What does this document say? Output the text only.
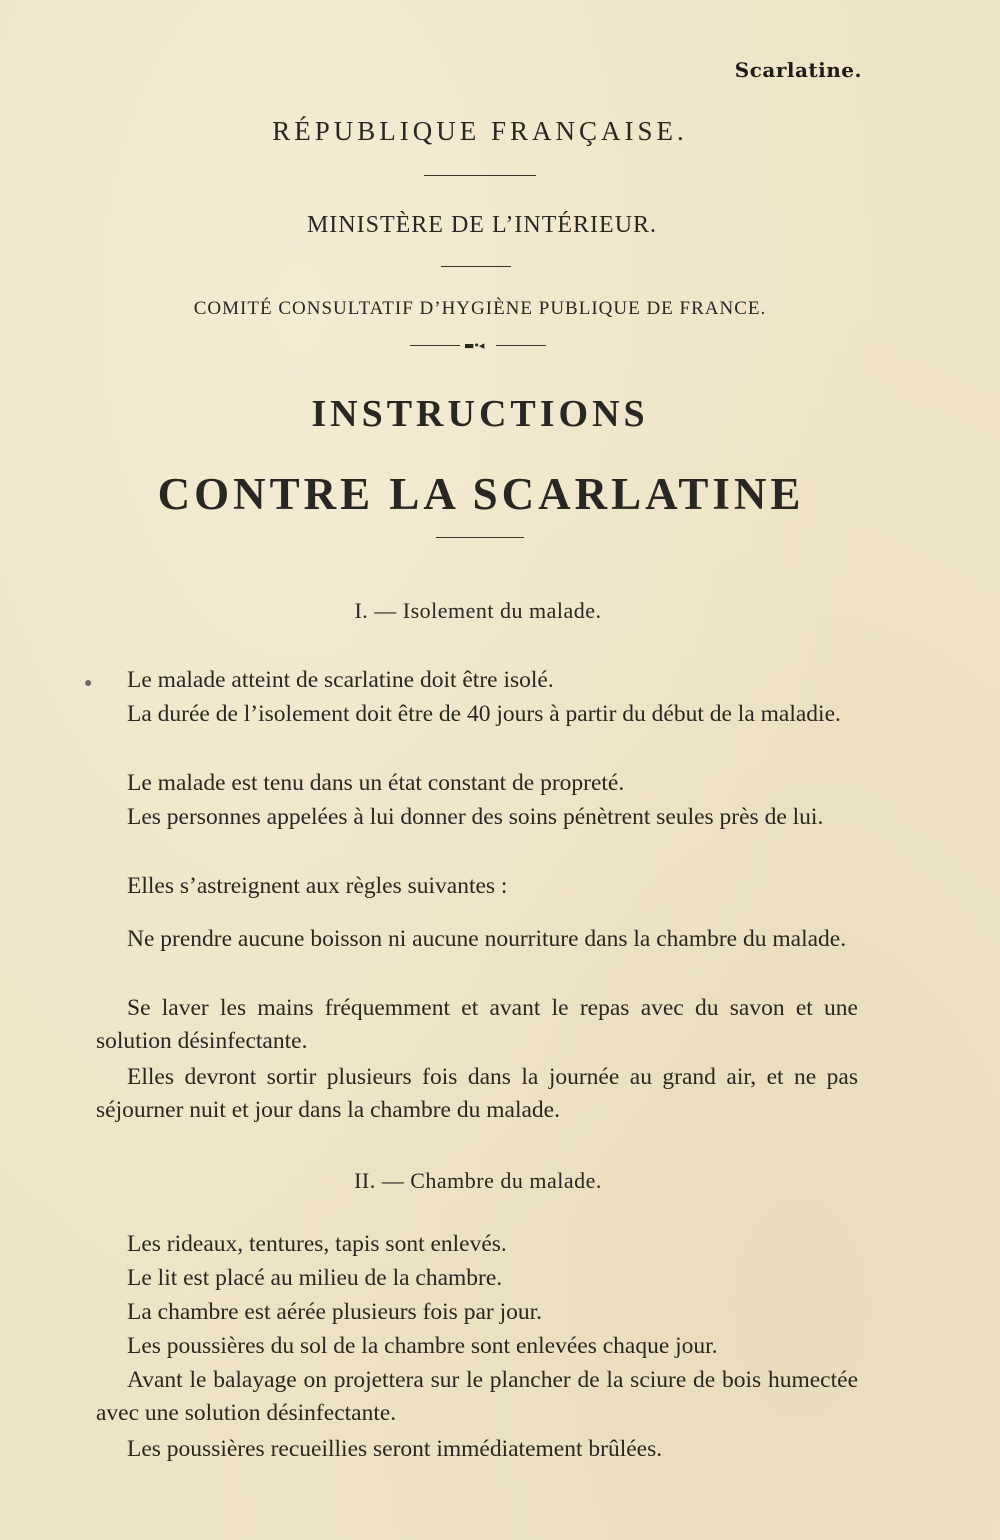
Scarlatine.
RÉPUBLIQUE FRANÇAISE.
MINISTÈRE DE L’INTÉRIEUR.
COMITÉ CONSULTATIF D’HYGIÈNE PUBLIQUE DE FRANCE.
▬•◂
INSTRUCTIONS
CONTRE LA SCARLATINE
I. — Isolement du malade.
●	Le malade atteint de scarlatine doit être isolé.

La durée de l’isolement doit être de 40 jours à partir du début de la maladie.

Le malade est tenu dans un état constant de propreté.

Les personnes appelées à lui donner des soins pénètrent seules près de lui.

Elles s’astreignent aux règles suivantes :

Ne prendre aucune boisson ni aucune nourriture dans la chambre du malade.

Se laver les mains fréquemment et avant le repas avec du savon et une solution désinfectante.

Elles devront sortir plusieurs fois dans la journée au grand air, et ne pas séjourner nuit et jour dans la chambre du malade.

II. — Chambre du malade.

Les rideaux, tentures, tapis sont enlevés.

Le lit est placé au milieu de la chambre.

La chambre est aérée plusieurs fois par jour.

Les poussières du sol de la chambre sont enlevées chaque jour.

Avant le balayage on projettera sur le plancher de la sciure de bois humectée avec une solution désinfectante.

Les poussières recueillies seront immédiatement brûlées.
